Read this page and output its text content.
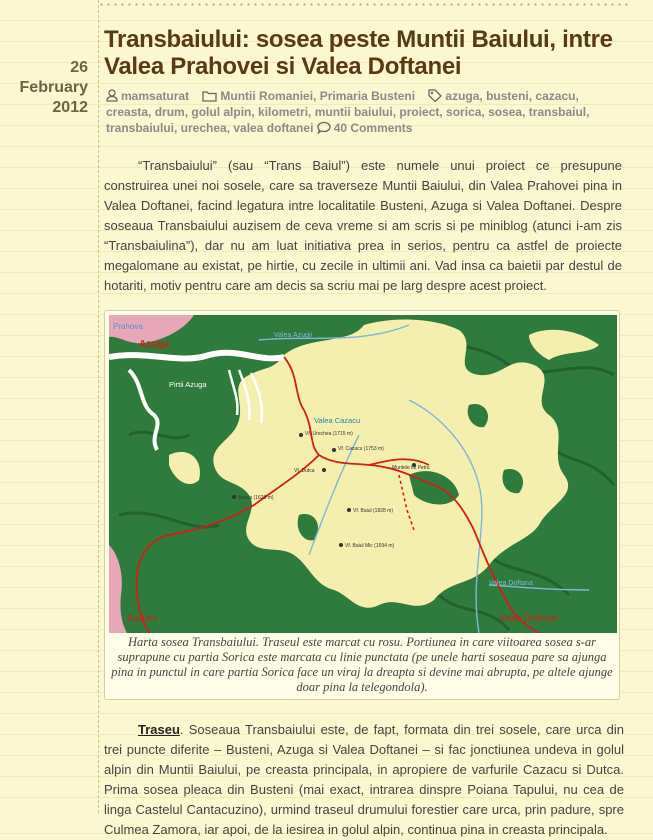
26
February
2012
Transbaiului: sosea peste Muntii Baiului, intre Valea Prahovei si Valea Doftanei
mamsaturat	Muntii Romaniei, Primaria Busteni	azuga, busteni, cazacu, creasta, drum, golul alpin, kilometri, muntii baiului, proiect, sorica, sosea, transbaiul, transbaiului, urechea, valea doftanei 40 Comments

“Transbaiului” (sau “Trans Baiul”) este numele unui proiect ce presupune construirea unei noi sosele, care sa traverseze Muntii Baiului, din Valea Prahovei pina in Valea Doftanei, facind legatura intre localitatile Busteni, Azuga si Valea Doftanei. Despre soseaua Transbaiului auzisem de ceva vreme si am scris si pe miniblog (atunci i-am zis “Transbaiulina”), dar nu am luat initiativa prea in serios, pentru ca astfel de proiecte megalomane au existat, pe hirtie, cu zecile in ultimii ani. Vad insa ca baietii par destul de hotariti, motiv pentru care am decis sa scriu mai pe larg despre acest proiect.

Prahova
Azuga
Valea Azugii
Pirtii Azuga
Valea Cazacu
Vf. Urechea (1715 m)
Vf. Cazacu (1753 m)
Vf. Dutca	Muntele lui Petru
Sorica (1620 m)
Vf. Baiul (1828 m)
Vf. Baiul Mic (1594 m)
Valea Doftana
Busteni	Valea Doftanei
Harta sosea Transbaiului. Traseul este marcat cu rosu. Portiunea in care viitoarea sosea s-ar suprapune cu partia Sorica este marcata cu linie punctata (pe unele harti soseaua pare sa ajunga pina in punctul in care partia Sorica face un viraj la dreapta si devine mai abrupta, pe altele ajunge doar pina la telegondola).

Traseu. Soseaua Transbaiului este, de fapt, formata din trei sosele, care urca din trei puncte diferite – Busteni, Azuga si Valea Doftanei – si fac jonctiunea undeva in golul alpin din Muntii Baiului, pe creasta principala, in apropiere de varfurile Cazacu si Dutca. Prima sosea pleaca din Busteni (mai exact, intrarea dinspre Poiana Tapului, nu cea de linga Castelul Cantacuzino), urmind traseul drumului forestier care urca, prin padure, spre Culmea Zamora, iar apoi, de la iesirea in golul alpin, continua pina in creasta principala.
